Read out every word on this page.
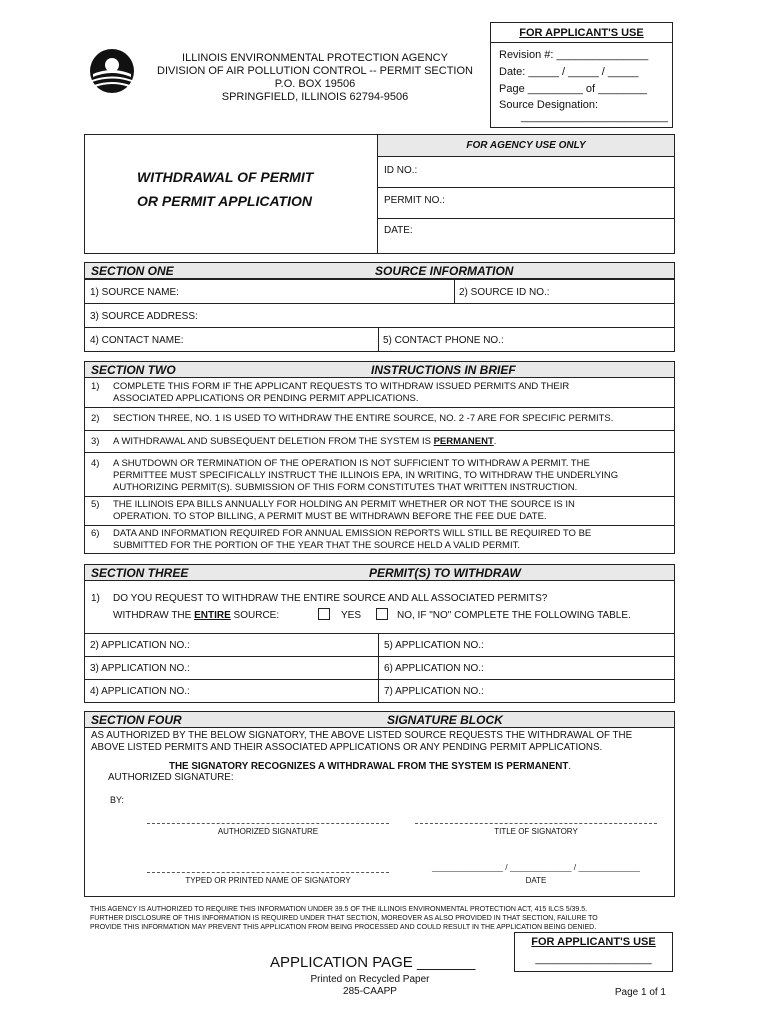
ILLINOIS ENVIRONMENTAL PROTECTION AGENCY
DIVISION OF AIR POLLUTION CONTROL -- PERMIT SECTION
P.O. BOX 19506
SPRINGFIELD, ILLINOIS 62794-9506
FOR APPLICANT'S USE
Revision #: _______________
Date: _____ / _____ / _____
Page _________ of ________
Source Designation:
________________________
WITHDRAWAL OF PERMIT
OR PERMIT APPLICATION
FOR AGENCY USE ONLY
ID NO.:
PERMIT NO.:
DATE:
SECTION ONE	SOURCE INFORMATION
1) SOURCE NAME:	2) SOURCE ID NO.:
3) SOURCE ADDRESS:
4) CONTACT NAME:	5) CONTACT PHONE NO.:
SECTION TWO	INSTRUCTIONS IN BRIEF
1) COMPLETE THIS FORM IF THE APPLICANT REQUESTS TO WITHDRAW ISSUED PERMITS AND THEIR
ASSOCIATED APPLICATIONS OR PENDING PERMIT APPLICATIONS.
2) SECTION THREE, NO. 1 IS USED TO WITHDRAW THE ENTIRE SOURCE, NO. 2 -7 ARE FOR SPECIFIC PERMITS.
3) A WITHDRAWAL AND SUBSEQUENT DELETION FROM THE SYSTEM IS PERMANENT.
4) A SHUTDOWN OR TERMINATION OF THE OPERATION IS NOT SUFFICIENT TO WITHDRAW A PERMIT. THE
PERMITTEE MUST SPECIFICALLY INSTRUCT THE ILLINOIS EPA, IN WRITING, TO WITHDRAW THE UNDERLYING
AUTHORIZING PERMIT(S). SUBMISSION OF THIS FORM CONSTITUTES THAT WRITTEN INSTRUCTION.
5) THE ILLINOIS EPA BILLS ANNUALLY FOR HOLDING AN PERMIT WHETHER OR NOT THE SOURCE IS IN
OPERATION. TO STOP BILLING, A PERMIT MUST BE WITHDRAWN BEFORE THE FEE DUE DATE.
6) DATA AND INFORMATION REQUIRED FOR ANNUAL EMISSION REPORTS WILL STILL BE REQUIRED TO BE
SUBMITTED FOR THE PORTION OF THE YEAR THAT THE SOURCE HELD A VALID PERMIT.
SECTION THREE	PERMIT(S) TO WITHDRAW
1) DO YOU REQUEST TO WITHDRAW THE ENTIRE SOURCE AND ALL ASSOCIATED PERMITS?
WITHDRAW THE ENTIRE SOURCE:	YES	NO, IF "NO" COMPLETE THE FOLLOWING TABLE.
2) APPLICATION NO.:	5) APPLICATION NO.:
3) APPLICATION NO.:	6) APPLICATION NO.:
4) APPLICATION NO.:	7) APPLICATION NO.:
SECTION FOUR	SIGNATURE BLOCK
AS AUTHORIZED BY THE BELOW SIGNATORY, THE ABOVE LISTED SOURCE REQUESTS THE WITHDRAWAL OF THE
ABOVE LISTED PERMITS AND THEIR ASSOCIATED APPLICATIONS OR ANY PENDING PERMIT APPLICATIONS.
THE SIGNATORY RECOGNIZES A WITHDRAWAL FROM THE SYSTEM IS PERMANENT.
AUTHORIZED SIGNATURE:
BY:
AUTHORIZED SIGNATURE	TITLE OF SIGNATORY
TYPED OR PRINTED NAME OF SIGNATORY
_______________ / _____________ / _____________
DATE
THIS AGENCY IS AUTHORIZED TO REQUIRE THIS INFORMATION UNDER 39.5 OF THE ILLINOIS ENVIRONMENTAL PROTECTION ACT, 415 ILCS 5/39.5.
FURTHER DISCLOSURE OF THIS INFORMATION IS REQUIRED UNDER THAT SECTION, MOREOVER AS ALSO PROVIDED IN THAT SECTION, FAILURE TO
PROVIDE THIS INFORMATION MAY PREVENT THIS APPLICATION FROM BEING PROCESSED AND COULD RESULT IN THE APPLICATION BEING DENIED.
FOR APPLICANT'S USE
___________________
APPLICATION PAGE _______
Printed on Recycled Paper
285-CAAPP	Page 1 of 1
